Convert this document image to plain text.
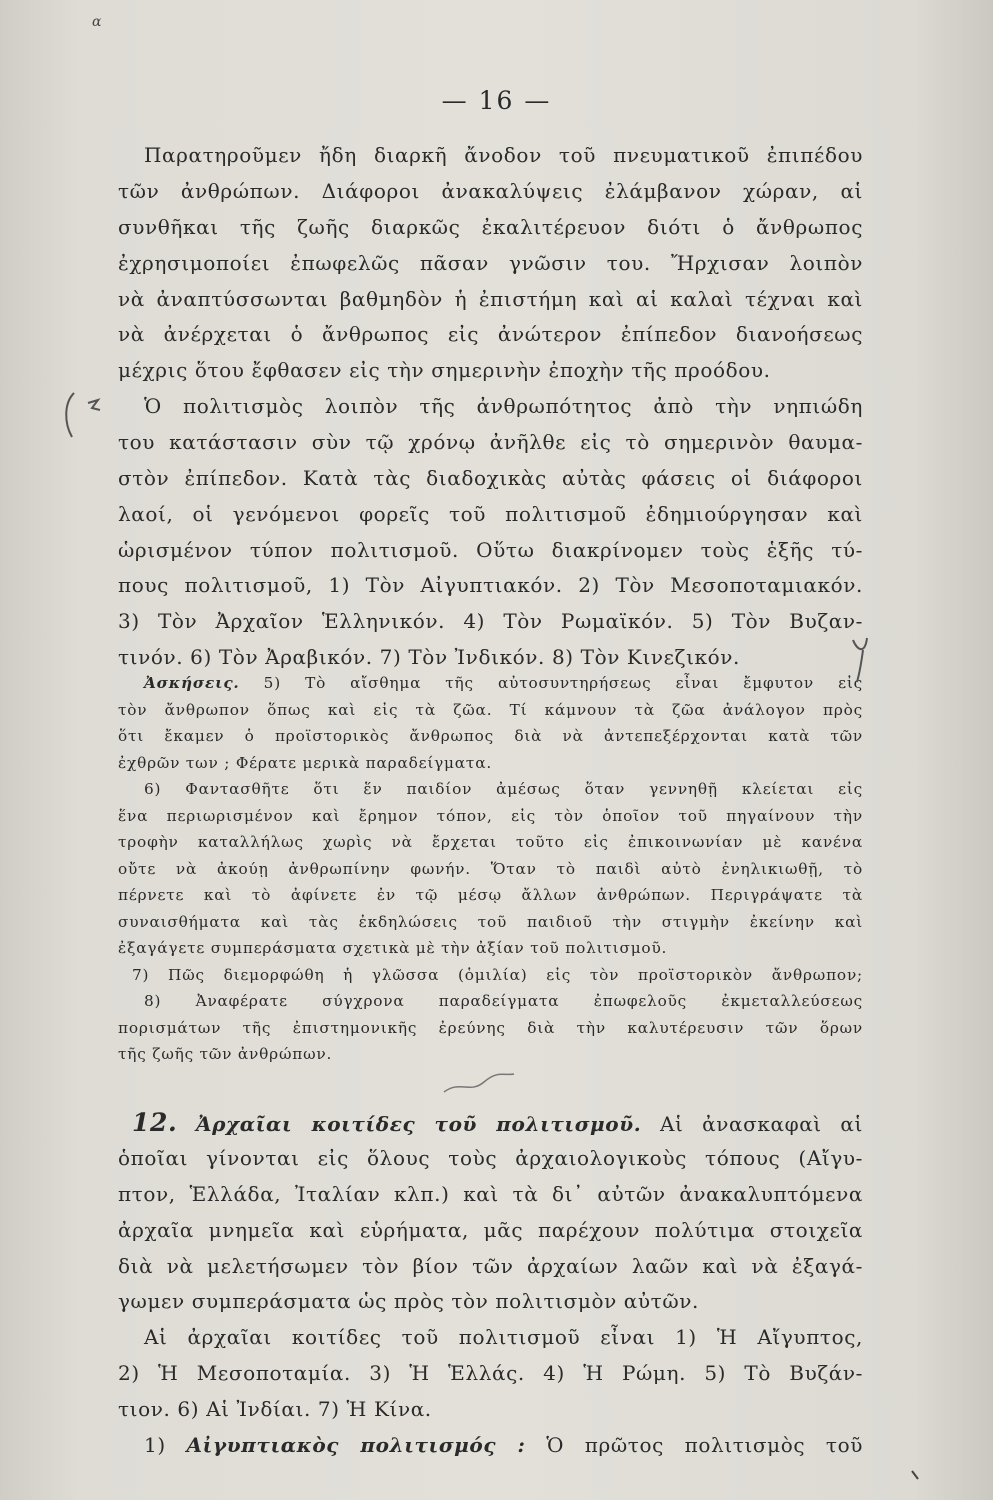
α
— 16 —
Παρατηροῦμεν ἤδη διαρκῆ ἄνοδον τοῦ πνευματικοῦ ἐπιπέδου
τῶν ἀνθρώπων. Διάφοροι ἀνακαλύψεις ἐλάμβανον χώραν, αἱ
συνθῆκαι τῆς ζωῆς διαρκῶς ἐκαλιτέρευον διότι ὁ ἄνθρωπος
ἐχρησιμοποίει ἐπωφελῶς πᾶσαν γνῶσιν του. Ἤρχισαν λοιπὸν
νὰ ἀναπτύσσωνται βαθμηδὸν ἡ ἐπιστήμη καὶ αἱ καλαὶ τέχναι καὶ
νὰ ἀνέρχεται ὁ ἄνθρωπος εἰς ἀνώτερον ἐπίπεδον διανοήσεως
μέχρις ὅτου ἔφθασεν εἰς τὴν σημερινὴν ἐποχὴν τῆς προόδου.
Ὁ πολιτισμὸς λοιπὸν τῆς ἀνθρωπότητος ἀπὸ τὴν νηπιώδη
του κατάστασιν σὺν τῷ χρόνῳ ἀνῆλθε εἰς τὸ σημερινὸν θαυμα-
στὸν ἐπίπεδον. Κατὰ τὰς διαδοχικὰς αὐτὰς φάσεις οἱ διάφοροι
λαοί, οἱ γενόμενοι φορεῖς τοῦ πολιτισμοῦ ἐδημιούργησαν καὶ
ὡρισμένον τύπον πολιτισμοῦ. Οὕτω διακρίνομεν τοὺς ἑξῆς τύ-
πους πολιτισμοῦ, 1) Τὸν Αἰγυπτιακόν. 2) Τὸν Μεσοποταμιακόν.
3) Τὸν Ἀρχαῖον Ἑλληνικόν. 4) Τὸν Ρωμαϊκόν. 5) Τὸν Βυζαν-
τινόν. 6) Τὸν Ἀραβικόν. 7) Τὸν Ἰνδικόν. 8) Τὸν Κινεζικόν.
Ἀσκήσεις. 5) Τὸ αἴσθημα τῆς αὐτοσυντηρήσεως εἶναι ἔμφυτον εἰς
τὸν ἄνθρωπον ὅπως καὶ εἰς τὰ ζῶα. Τί κάμνουν τὰ ζῶα ἀνάλογον πρὸς
ὅτι ἔκαμεν ὁ προϊστορικὸς ἄνθρωπος διὰ νὰ ἀντεπεξέρχονται κατὰ τῶν
ἐχθρῶν των ; Φέρατε μερικὰ παραδείγματα.
6) Φαντασθῆτε ὅτι ἕν παιδίον ἀμέσως ὅταν γεννηθῇ κλείεται εἰς
ἕνα περιωρισμένον καὶ ἔρημον τόπον, εἰς τὸν ὁποῖον τοῦ πηγαίνουν τὴν
τροφὴν καταλλήλως χωρὶς νὰ ἔρχεται τοῦτο εἰς ἐπικοινωνίαν μὲ κανένα
οὔτε νὰ ἀκούῃ ἀνθρωπίνην φωνήν. Ὅταν τὸ παιδὶ αὐτὸ ἐνηλικιωθῇ, τὸ
πέρνετε καὶ τὸ ἀφίνετε ἐν τῷ μέσῳ ἄλλων ἀνθρώπων. Περιγράψατε τὰ
συναισθήματα καὶ τὰς ἐκδηλώσεις τοῦ παιδιοῦ τὴν στιγμὴν ἐκείνην καὶ
ἐξαγάγετε συμπεράσματα σχετικὰ μὲ τὴν ἀξίαν τοῦ πολιτισμοῦ.
7) Πῶς διεμορφώθη ἡ γλῶσσα (ὁμιλία) εἰς τὸν προϊστορικὸν ἄνθρωπον;
8) Ἀναφέρατε σύγχρονα παραδείγματα ἐπωφελοῦς ἐκμεταλλεύσεως
πορισμάτων τῆς ἐπιστημονικῆς ἐρεύνης διὰ τὴν καλυτέρευσιν τῶν ὅρων
τῆς ζωῆς τῶν ἀνθρώπων.
12. Ἀρχαῖαι κοιτίδες τοῦ πολιτισμοῦ. Αἱ ἀνασκαφαὶ αἱ
ὁποῖαι γίνονται εἰς ὅλους τοὺς ἀρχαιολογικοὺς τόπους (Αἴγυ-
πτον, Ἑλλάδα, Ἰταλίαν κλπ.) καὶ τὰ δι᾽ αὐτῶν ἀνακαλυπτόμενα
ἀρχαῖα μνημεῖα καὶ εὑρήματα, μᾶς παρέχουν πολύτιμα στοιχεῖα
διὰ νὰ μελετήσωμεν τὸν βίον τῶν ἀρχαίων λαῶν καὶ νὰ ἐξαγά-
γωμεν συμπεράσματα ὡς πρὸς τὸν πολιτισμὸν αὐτῶν.
Αἱ ἀρχαῖαι κοιτίδες τοῦ πολιτισμοῦ εἶναι 1) Ἡ Αἴγυπτος,
2) Ἡ Μεσοποταμία. 3) Ἡ Ἑλλάς. 4) Ἡ Ρώμη. 5) Τὸ Βυζάν-
τιον. 6) Αἱ Ἰνδίαι. 7) Ἡ Κίνα.
1) Αἰγυπτιακὸς πολιτισμός : Ὁ πρῶτος πολιτισμὸς τοῦ
